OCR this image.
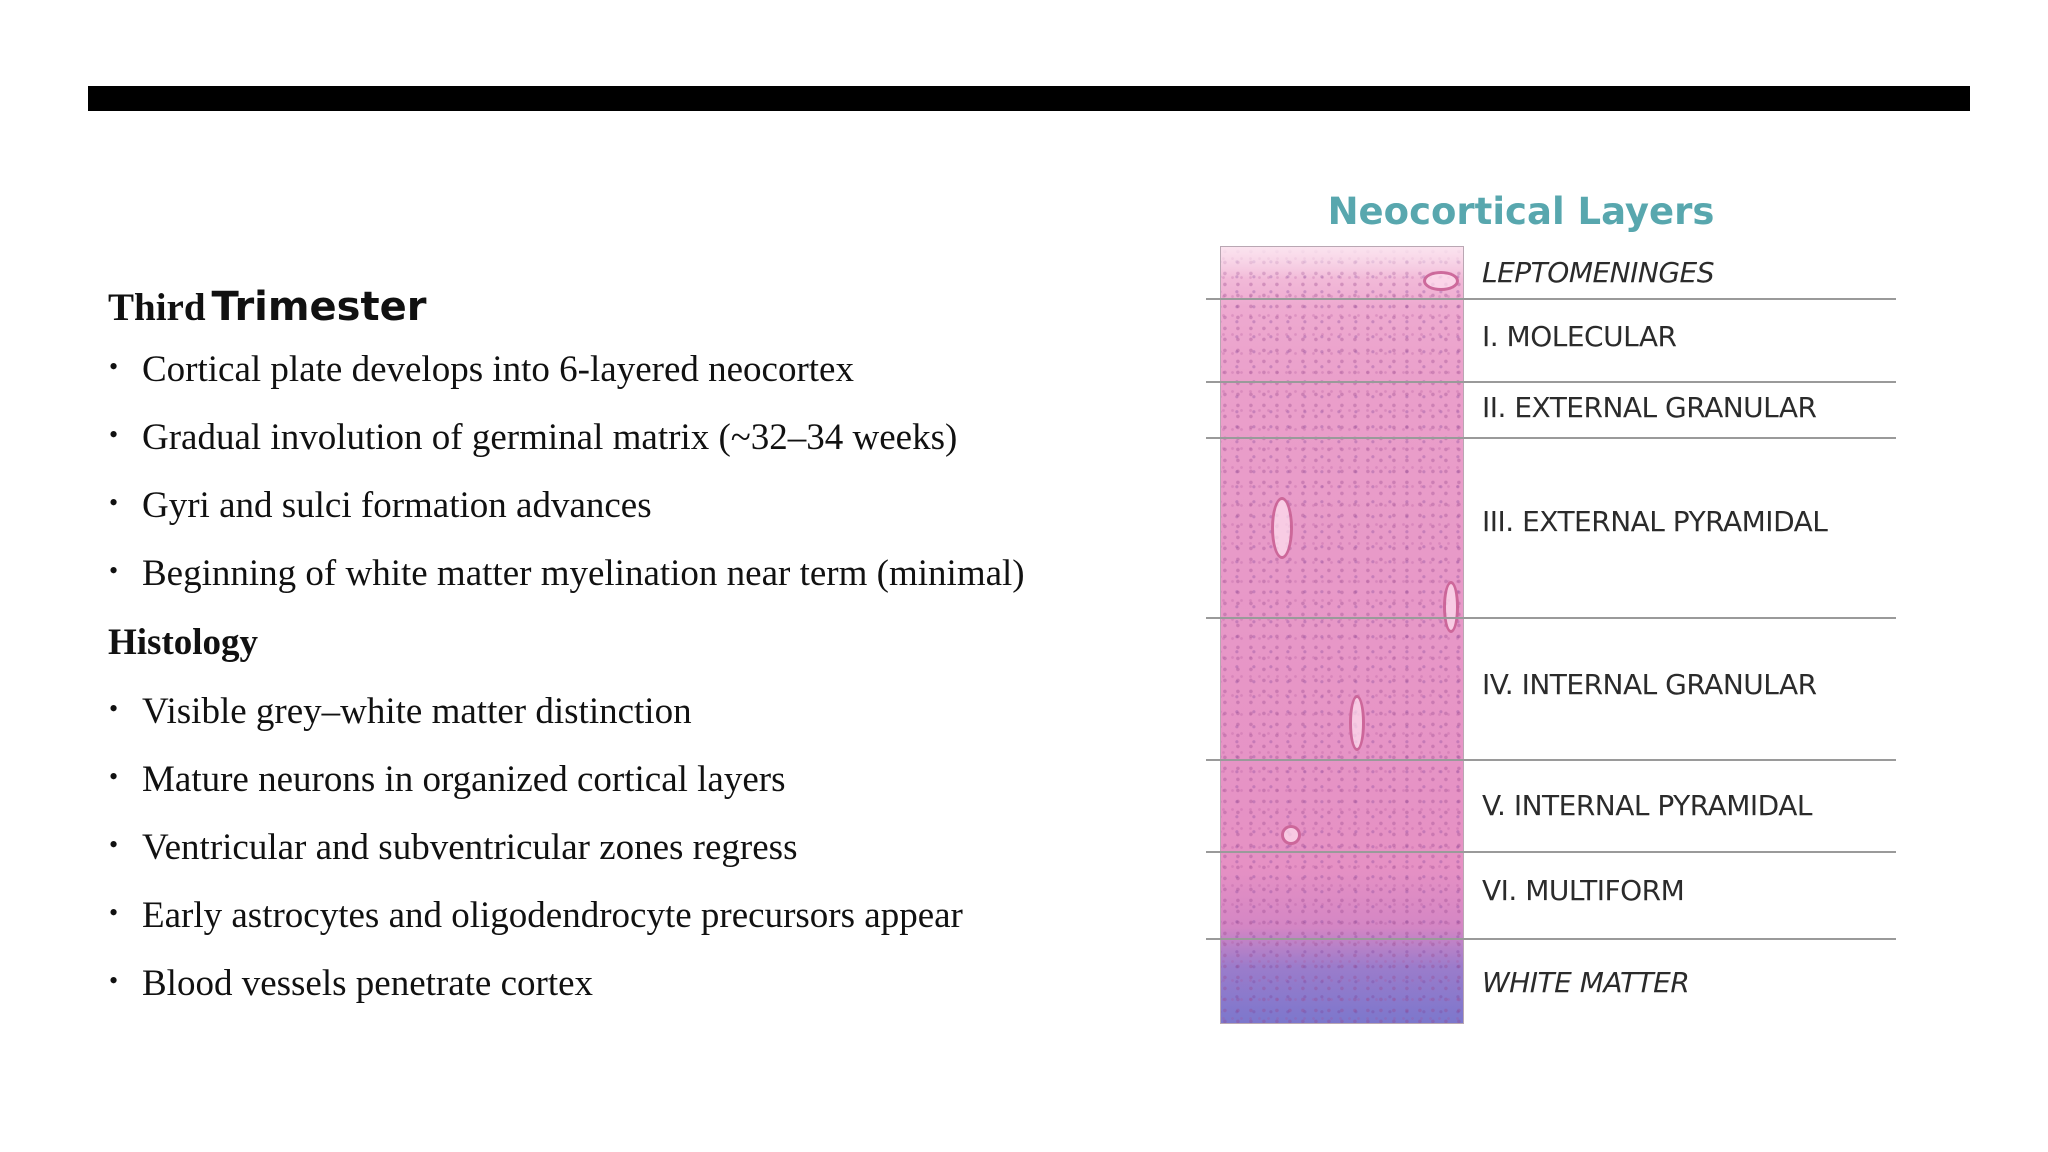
Third Trimester
• Cortical plate develops into 6-layered neocortex
• Gradual involution of germinal matrix (~32–34 weeks)
• Gyri and sulci formation advances
• Beginning of white matter myelination near term (minimal)
Histology
• Visible grey–white matter distinction
• Mature neurons in organized cortical layers
• Ventricular and subventricular zones regress
• Early astrocytes and oligodendrocyte precursors appear
• Blood vessels penetrate cortex
Neocortical Layers
LEPTOMENINGES
I. MOLECULAR
II. EXTERNAL GRANULAR
III. EXTERNAL PYRAMIDAL
IV. INTERNAL GRANULAR
V. INTERNAL PYRAMIDAL
VI. MULTIFORM
WHITE MATTER
